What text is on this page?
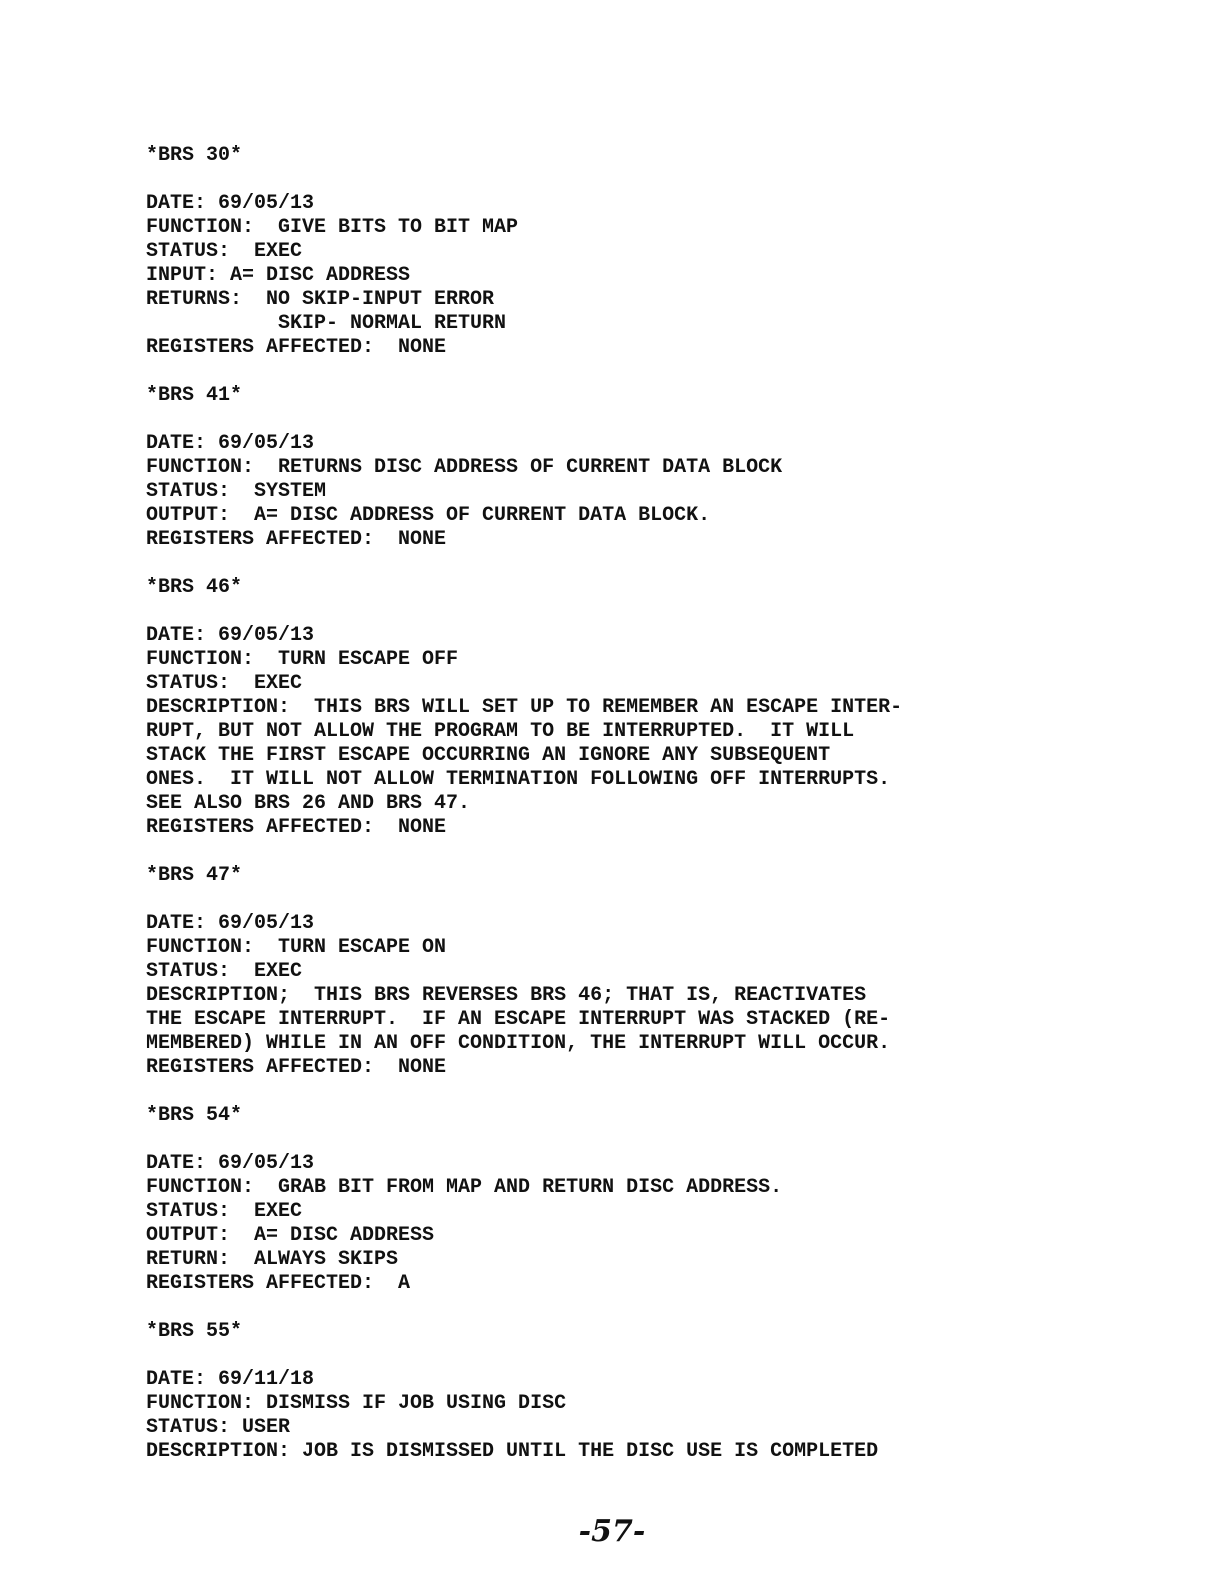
*BRS 30*
DATE: 69/05/13
FUNCTION:  GIVE BITS TO BIT MAP
STATUS:  EXEC
INPUT: A= DISC ADDRESS
RETURNS:  NO SKIP-INPUT ERROR
SKIP- NORMAL RETURN
REGISTERS AFFECTED:  NONE
*BRS 41*
DATE: 69/05/13
FUNCTION:  RETURNS DISC ADDRESS OF CURRENT DATA BLOCK
STATUS:  SYSTEM
OUTPUT:  A= DISC ADDRESS OF CURRENT DATA BLOCK.
REGISTERS AFFECTED:  NONE
*BRS 46*
DATE: 69/05/13
FUNCTION:  TURN ESCAPE OFF
STATUS:  EXEC
DESCRIPTION:  THIS BRS WILL SET UP TO REMEMBER AN ESCAPE INTER-
RUPT, BUT NOT ALLOW THE PROGRAM TO BE INTERRUPTED.  IT WILL
STACK THE FIRST ESCAPE OCCURRING AN IGNORE ANY SUBSEQUENT
ONES.  IT WILL NOT ALLOW TERMINATION FOLLOWING OFF INTERRUPTS.
SEE ALSO BRS 26 AND BRS 47.
REGISTERS AFFECTED:  NONE
*BRS 47*
DATE: 69/05/13
FUNCTION:  TURN ESCAPE ON
STATUS:  EXEC
DESCRIPTION;  THIS BRS REVERSES BRS 46; THAT IS, REACTIVATES
THE ESCAPE INTERRUPT.  IF AN ESCAPE INTERRUPT WAS STACKED (RE-
MEMBERED) WHILE IN AN OFF CONDITION, THE INTERRUPT WILL OCCUR.
REGISTERS AFFECTED:  NONE
*BRS 54*
DATE: 69/05/13
FUNCTION:  GRAB BIT FROM MAP AND RETURN DISC ADDRESS.
STATUS:  EXEC
OUTPUT:  A= DISC ADDRESS
RETURN:  ALWAYS SKIPS
REGISTERS AFFECTED:  A
*BRS 55*
DATE: 69/11/18
FUNCTION: DISMISS IF JOB USING DISC
STATUS: USER
DESCRIPTION: JOB IS DISMISSED UNTIL THE DISC USE IS COMPLETED
-57-
